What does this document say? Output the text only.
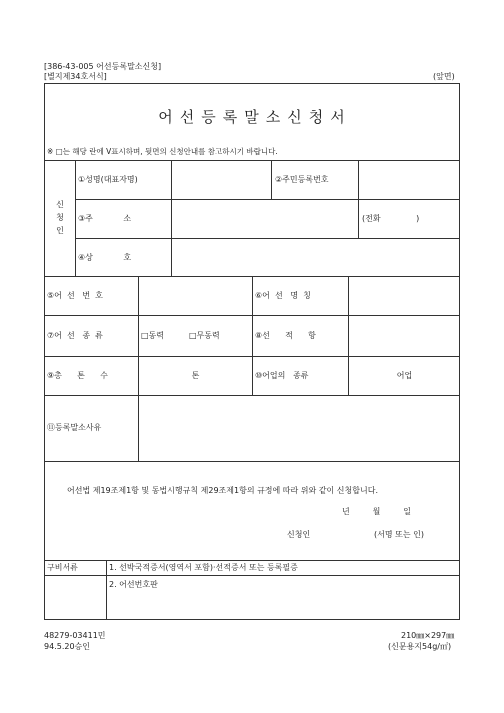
[386-43-005 어선등록말소신청]
[별지제34호서식]	(앞면)
어선등록말소신청서
※ □는 해당 란에 V표시하며, 뒷면의 신청안내를 참고하시기 바랍니다.
신청인
①성명(대표자명)	②주민등록번호
③주            소	(전화              )
④상            호
⑤어  선   번  호	⑥어  선   명  칭
⑦어  선   종  류	□동력	□무동력	⑧선      적      항
⑨총      톤      수	톤	⑩어업의   종류	어업
⑪등록말소사유
어선법 제19조제1항 및 동법시행규칙 제29조제1항의 규정에 따라 위와 같이 신청합니다.
년         월         일
신청인	(서명 또는 인)
구비서류	1. 선박국적증서(영역서 포함)·선적증서 또는 등록필증
2. 어선번호판
48279-03411민
94.5.20승인
210㎜×297㎜
(신문용지54g/㎡)
